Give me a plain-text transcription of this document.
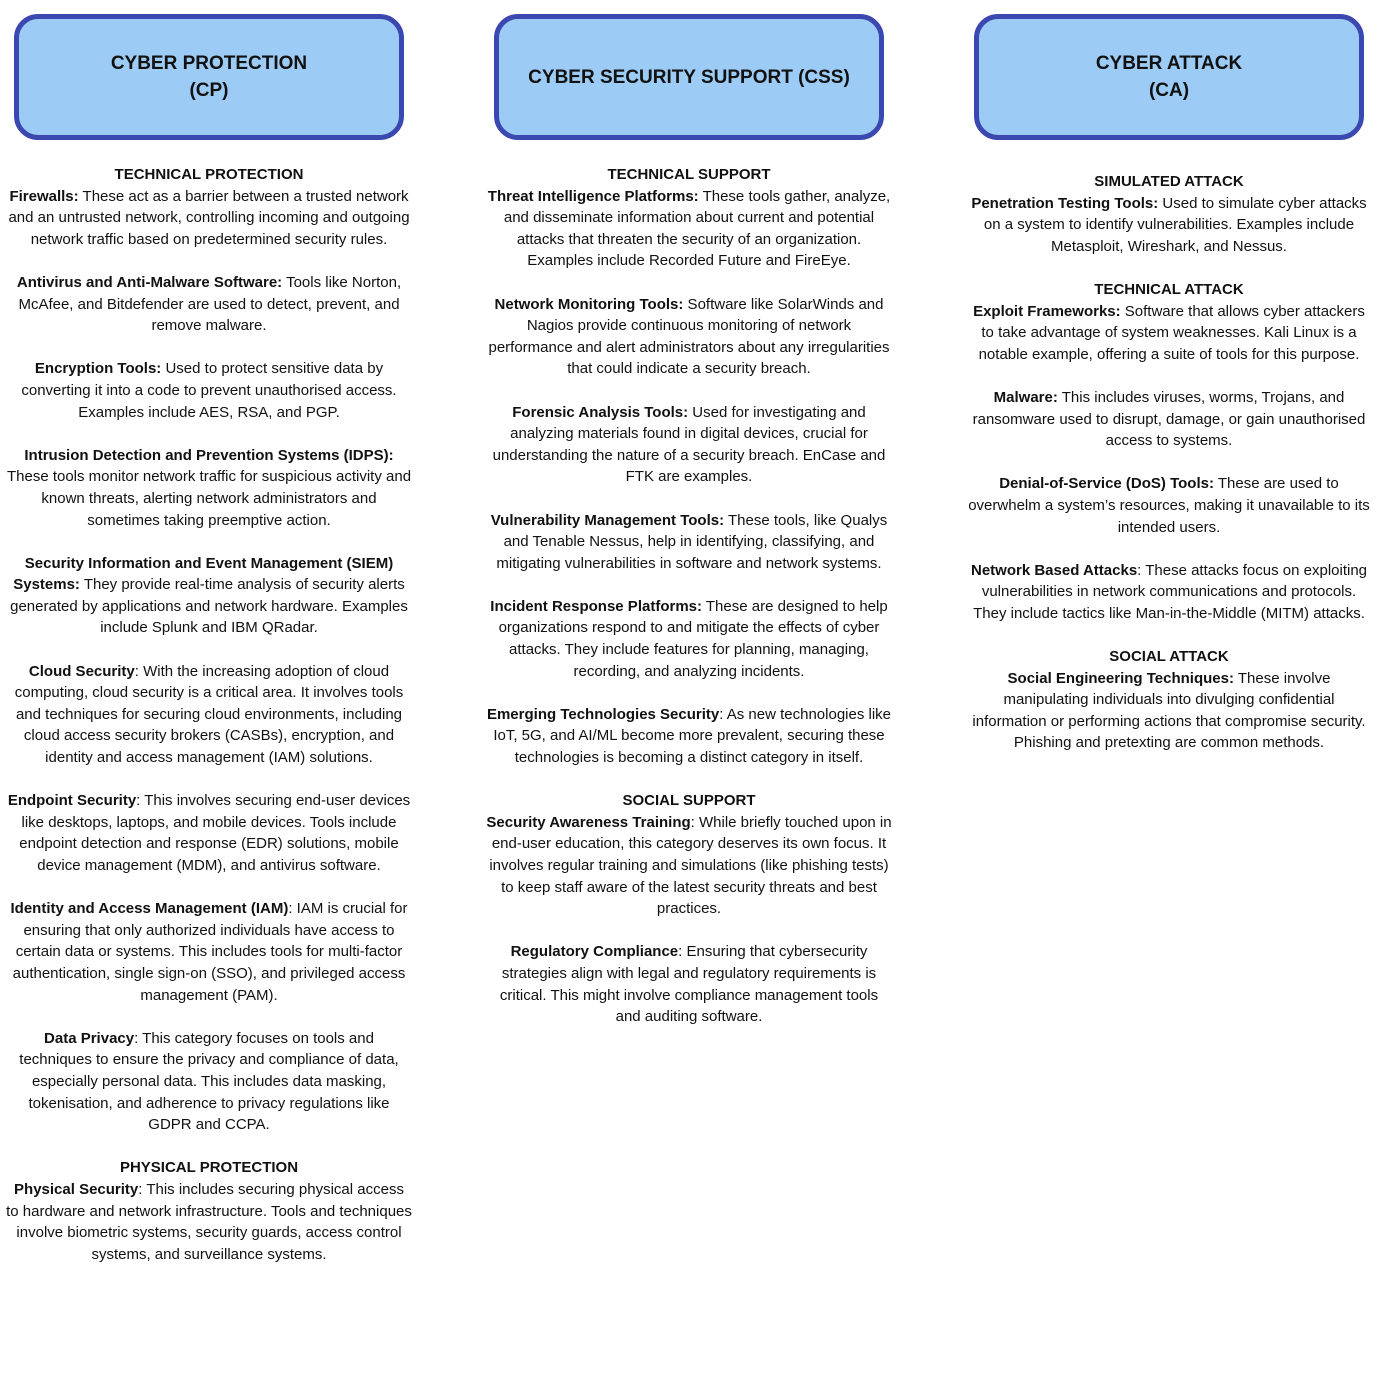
CYBER PROTECTION
(CP)

TECHNICAL PROTECTION

Firewalls: These act as a barrier between a trusted network and an untrusted network, controlling incoming and outgoing network traffic based on predetermined security rules.

Antivirus and Anti-Malware Software: Tools like Norton, McAfee, and Bitdefender are used to detect, prevent, and remove malware.

Encryption Tools: Used to protect sensitive data by converting it into a code to prevent unauthorised access. Examples include AES, RSA, and PGP.

Intrusion Detection and Prevention Systems (IDPS): These tools monitor network traffic for suspicious activity and known threats, alerting network administrators and sometimes taking preemptive action.

Security Information and Event Management (SIEM) Systems: They provide real-time analysis of security alerts generated by applications and network hardware. Examples include Splunk and IBM QRadar.

Cloud Security: With the increasing adoption of cloud computing, cloud security is a critical area. It involves tools and techniques for securing cloud environments, including cloud access security brokers (CASBs), encryption, and identity and access management (IAM) solutions.

Endpoint Security: This involves securing end-user devices like desktops, laptops, and mobile devices. Tools include endpoint detection and response (EDR) solutions, mobile device management (MDM), and antivirus software.

Identity and Access Management (IAM): IAM is crucial for ensuring that only authorized individuals have access to certain data or systems. This includes tools for multi-factor authentication, single sign-on (SSO), and privileged access management (PAM).

Data Privacy: This category focuses on tools and techniques to ensure the privacy and compliance of data, especially personal data. This includes data masking, tokenisation, and adherence to privacy regulations like GDPR and CCPA.

PHYSICAL PROTECTION

Physical Security: This includes securing physical access to hardware and network infrastructure. Tools and techniques involve biometric systems, security guards, access control systems, and surveillance systems.

CYBER SECURITY SUPPORT (CSS)

TECHNICAL SUPPORT

Threat Intelligence Platforms: These tools gather, analyze, and disseminate information about current and potential attacks that threaten the security of an organization. Examples include Recorded Future and FireEye.

Network Monitoring Tools: Software like SolarWinds and Nagios provide continuous monitoring of network performance and alert administrators about any irregularities that could indicate a security breach.

Forensic Analysis Tools: Used for investigating and analyzing materials found in digital devices, crucial for understanding the nature of a security breach. EnCase and FTK are examples.

Vulnerability Management Tools: These tools, like Qualys and Tenable Nessus, help in identifying, classifying, and mitigating vulnerabilities in software and network systems.

Incident Response Platforms: These are designed to help organizations respond to and mitigate the effects of cyber attacks. They include features for planning, managing, recording, and analyzing incidents.

Emerging Technologies Security: As new technologies like IoT, 5G, and AI/ML become more prevalent, securing these technologies is becoming a distinct category in itself.

SOCIAL SUPPORT

Security Awareness Training: While briefly touched upon in end-user education, this category deserves its own focus. It involves regular training and simulations (like phishing tests) to keep staff aware of the latest security threats and best practices.

Regulatory Compliance: Ensuring that cybersecurity strategies align with legal and regulatory requirements is critical. This might involve compliance management tools and auditing software.

CYBER ATTACK
(CA)

SIMULATED ATTACK

Penetration Testing Tools: Used to simulate cyber attacks on a system to identify vulnerabilities. Examples include Metasploit, Wireshark, and Nessus.

TECHNICAL ATTACK

Exploit Frameworks: Software that allows cyber attackers to take advantage of system weaknesses. Kali Linux is a notable example, offering a suite of tools for this purpose.

Malware: This includes viruses, worms, Trojans, and ransomware used to disrupt, damage, or gain unauthorised access to systems.

Denial-of-Service (DoS) Tools: These are used to overwhelm a system’s resources, making it unavailable to its intended users.

Network Based Attacks: These attacks focus on exploiting vulnerabilities in network communications and protocols. They include tactics like Man-in-the-Middle (MITM) attacks.

SOCIAL ATTACK

Social Engineering Techniques: These involve manipulating individuals into divulging confidential information or performing actions that compromise security. Phishing and pretexting are common methods.
